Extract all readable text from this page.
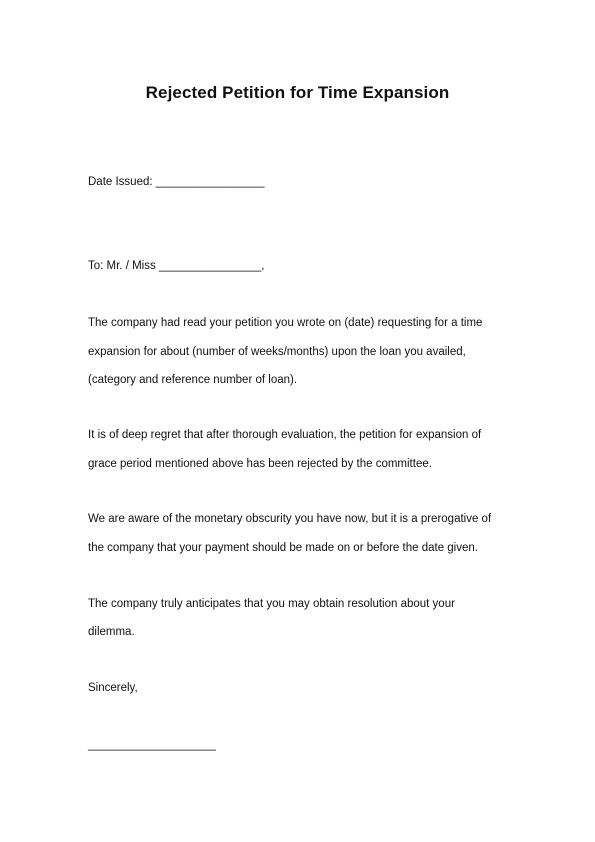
Rejected Petition for Time Expansion
Date Issued: _________________
To: Mr. / Miss ________________,
The company had read your petition you wrote on (date) requesting for a time
expansion for about (number of weeks/months) upon the loan you availed,
(category and reference number of loan).
It is of deep regret that after thorough evaluation, the petition for expansion of
grace period mentioned above has been rejected by the committee.
We are aware of the monetary obscurity you have now, but it is a prerogative of
the company that your payment should be made on or before the date given.
The company truly anticipates that you may obtain resolution about your
dilemma.
Sincerely,
____________________
